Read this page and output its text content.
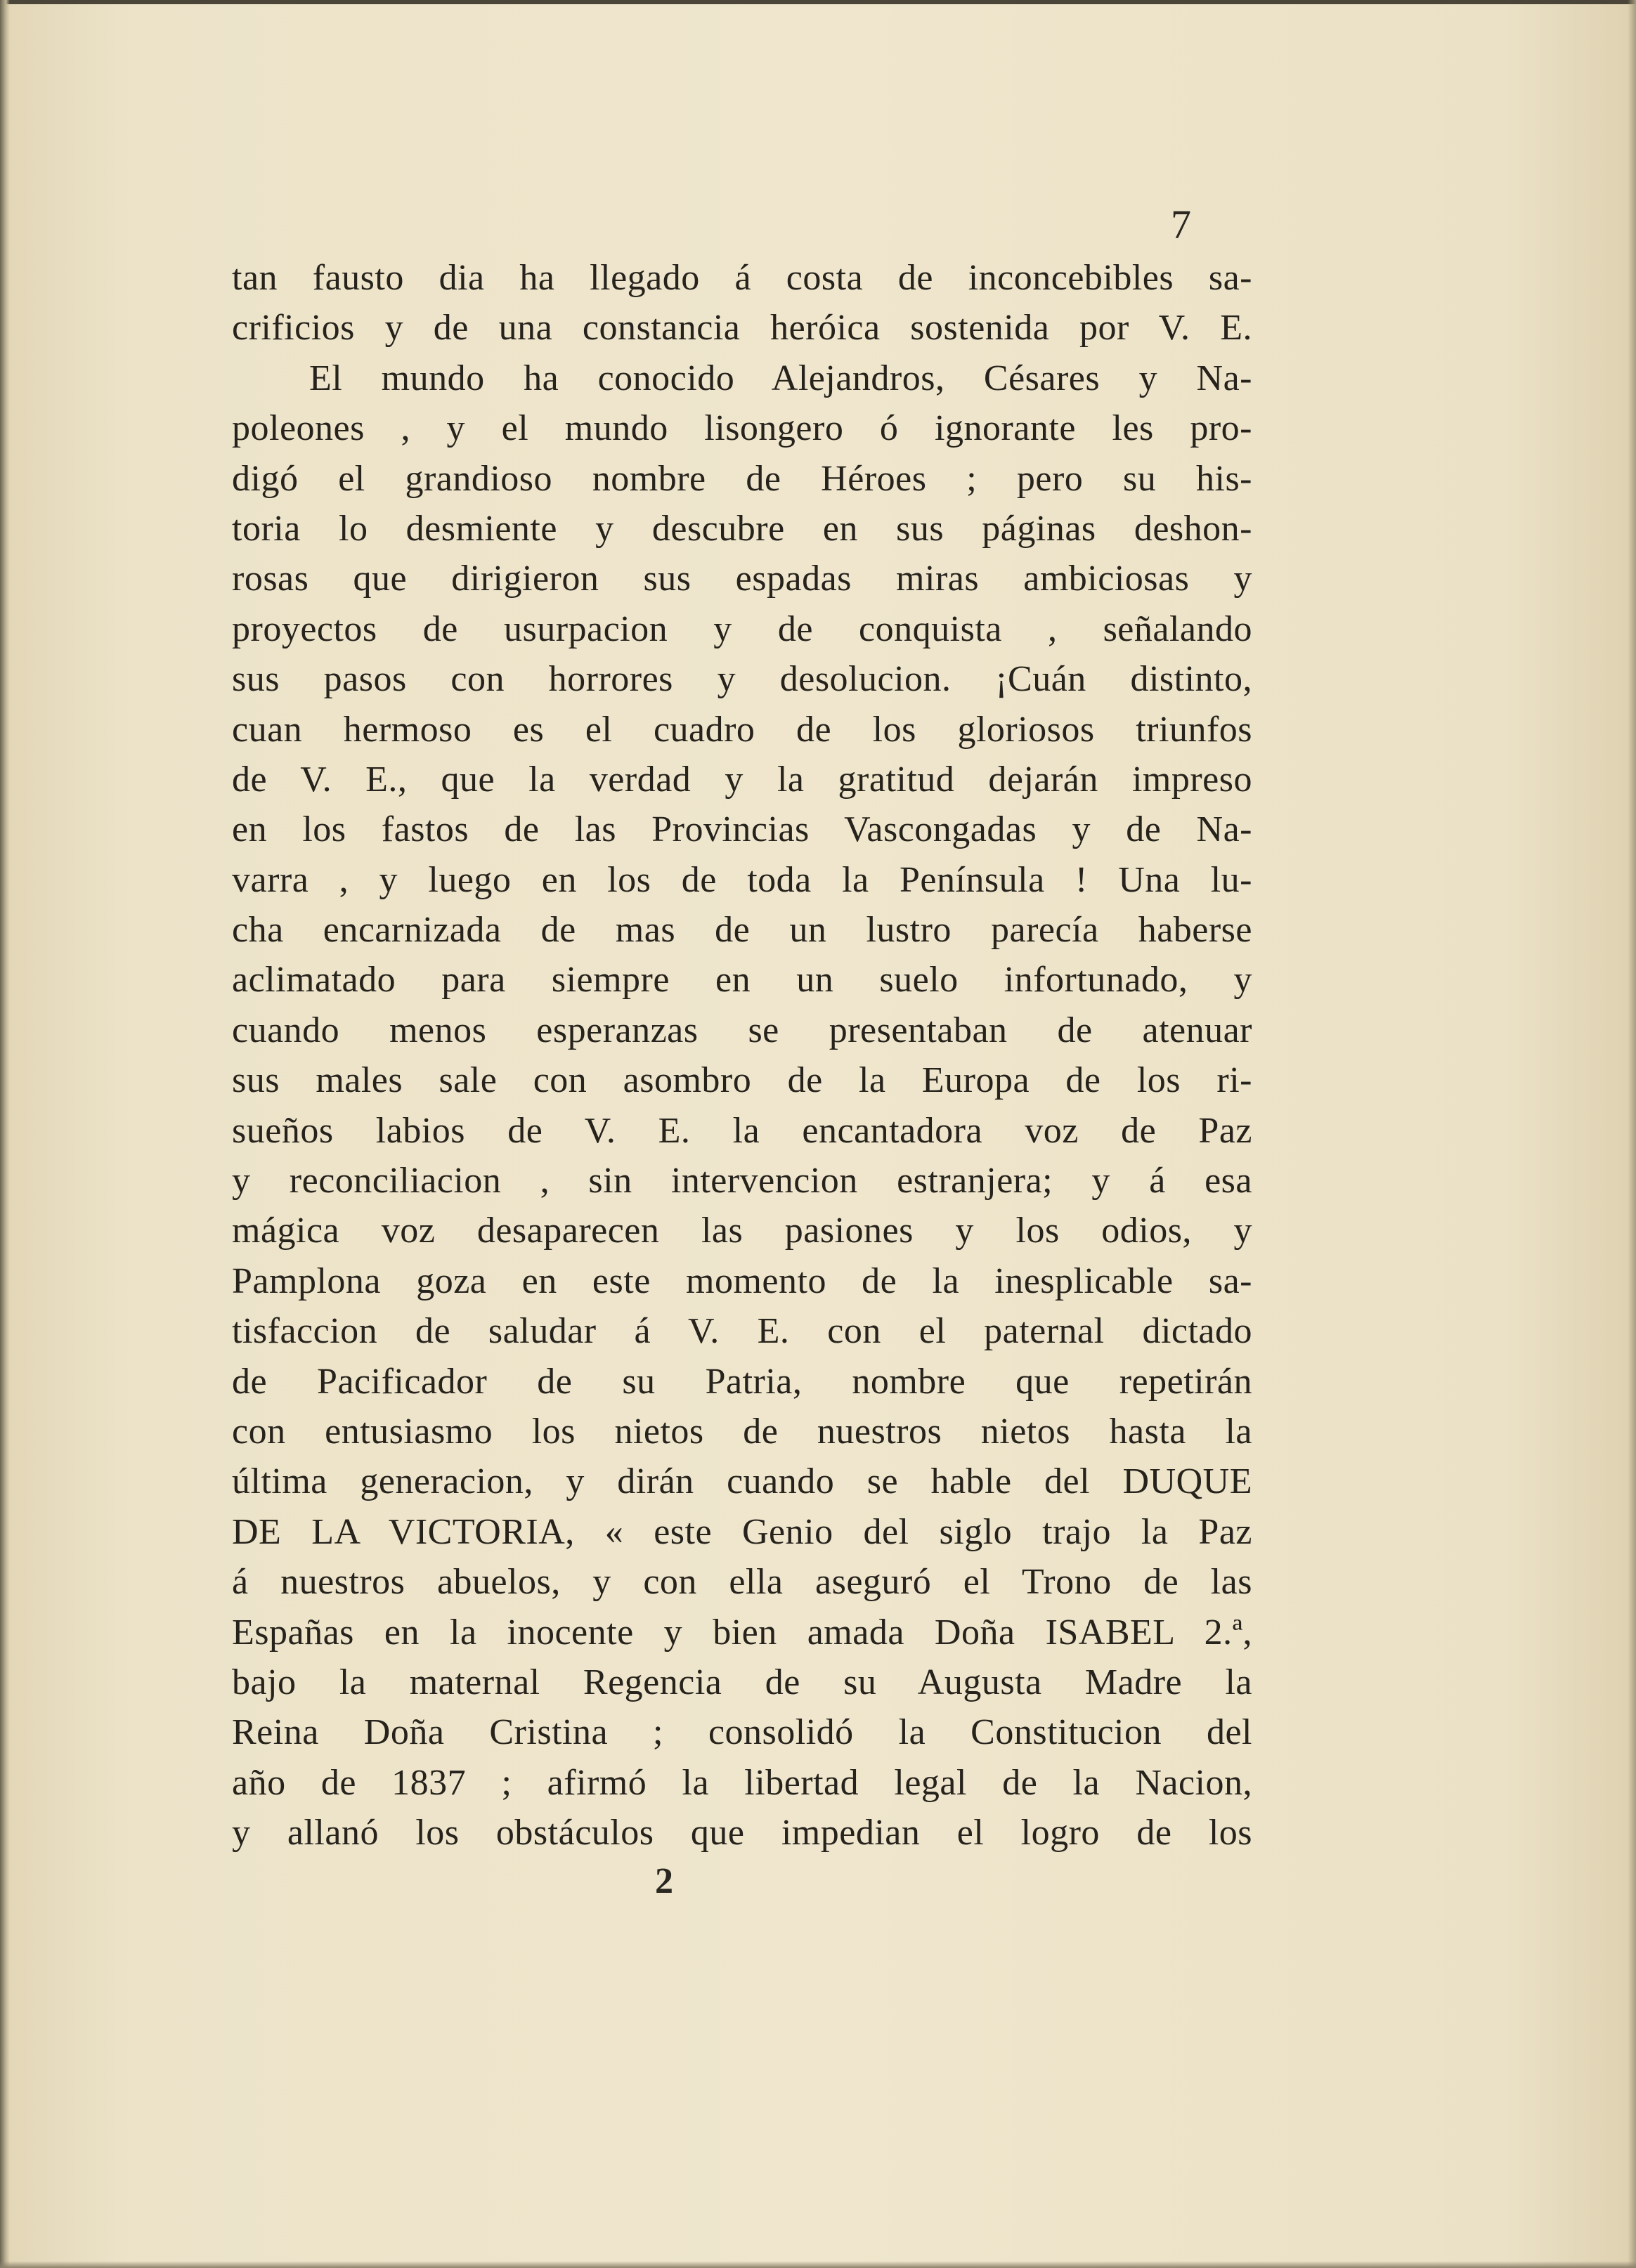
7
tan fausto dia ha llegado á costa de inconcebibles sa-
crificios y de una constancia heróica sostenida por V. E.
El mundo ha conocido Alejandros, Césares y Na-
poleones , y el mundo lisongero ó ignorante les pro-
digó el grandioso nombre de Héroes ; pero su his-
toria lo desmiente y descubre en sus páginas deshon-
rosas que dirigieron sus espadas miras ambiciosas y
proyectos de usurpacion y de conquista , señalando
sus pasos con horrores y desolucion. ¡Cuán distinto,
cuan hermoso es el cuadro de los gloriosos triunfos
de V. E., que la verdad y la gratitud dejarán impreso
en los fastos de las Provincias Vascongadas y de Na-
varra , y luego en los de toda la Península ! Una lu-
cha encarnizada de mas de un lustro parecía haberse
aclimatado para siempre en un suelo infortunado, y
cuando menos esperanzas se presentaban de atenuar
sus males sale con asombro de la Europa de los ri-
sueños labios de V. E. la encantadora voz de Paz
y reconciliacion , sin intervencion estranjera; y á esa
mágica voz desaparecen las pasiones y los odios, y
Pamplona goza en este momento de la inesplicable sa-
tisfaccion de saludar á V. E. con el paternal dictado
de Pacificador de su Patria, nombre que repetirán
con entusiasmo los nietos de nuestros nietos hasta la
última generacion, y dirán cuando se hable del DUQUE
DE LA VICTORIA, « este Genio del siglo trajo la Paz
á nuestros abuelos, y con ella aseguró el Trono de las
Españas en la inocente y bien amada Doña ISABEL 2.ª,
bajo la maternal Regencia de su Augusta Madre la
Reina Doña Cristina ; consolidó la Constitucion del
año de 1837 ; afirmó la libertad legal de la Nacion,
y allanó los obstáculos que impedian el logro de los
2
